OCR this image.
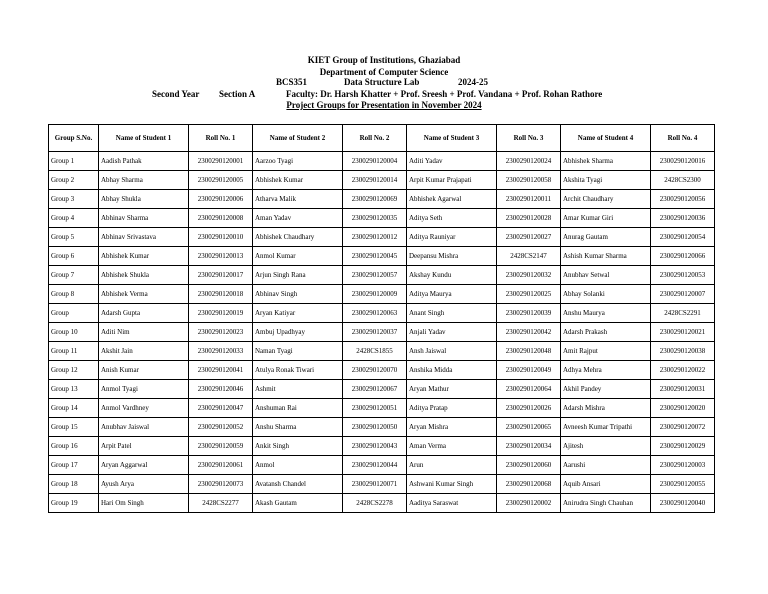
KIET Group of Institutions, Ghaziabad
Department of Computer Science
BCS351	Data Structure Lab	2024-25
Second Year Section A	Faculty: Dr. Harsh Khatter + Prof. Sreesh + Prof. Vandana + Prof. Rohan Rathore
Project Groups for Presentation in November 2024
Group S.No.	Name of Student 1	Roll No. 1	Name of Student 2	Roll No. 2	Name of Student 3	Roll No. 3	Name of Student 4	Roll No. 4
Group 1	Aadish Pathak	2300290120001	Aarzoo Tyagi	2300290120004	Aditi Yadav	2300290120024	Abhishek Sharma	2300290120016
Group 2	Abhay Sharma	2300290120005	Abhishek Kumar	2300290120014	Arpit Kumar Prajapati	2300290120058	Akshita Tyagi	2428CS2300
Group 3	Abhay Shukla	2300290120006	Atharva Malik	2300290120069	Abhishek Agarwal	2300290120011	Archit Chaudhary	2300290120056
Group 4	Abhinav Sharma	2300290120008	Aman Yadav	2300290120035	Aditya Seth	2300290120028	Amar Kumar Giri	2300290120036
Group 5	Abhinav Srivastava	2300290120010	Abhishek Chaudhary	2300290120012	Aditya Rauniyar	2300290120027	Anurag Gautam	2300290120054
Group 6	Abhishek Kumar	2300290120013	Anmol Kumar	2300290120045	Deepansu Mishra	2428CS2147	Ashish Kumar Sharma	2300290120066
Group 7	Abhishek Shukla	2300290120017	Arjun Singh Rana	2300290120057	Akshay Kundu	2300290120032	Anubhav Setwal	2300290120053
Group 8	Abhishek Verma	2300290120018	Abhinav Singh	2300290120009	Aditya Maurya	2300290120025	Abhay Solanki	2300290120007
Group	Adarsh Gupta	2300290120019	Aryan Katiyar	2300290120063	Anant Singh	2300290120039	Anshu Maurya	2428CS2291
Group 10	Aditi Nim	2300290120023	Ambuj Upadhyay	2300290120037	Anjali Yadav	2300290120042	Adarsh Prakash	2300290120021
Group 11	Akshit Jain	2300290120033	Naman Tyagi	2428CS1855	Ansh Jaiswal	2300290120048	Amit Rajput	2300290120038
Group 12	Anish Kumar	2300290120041	Atulya Ronak Tiwari	2300290120070	Anshika Midda	2300290120049	Adhya Mehra	2300290120022
Group 13	Anmol Tyagi	2300290120046	Ashmit	2300290120067	Aryan Mathur	2300290120064	Akhil Pandey	2300290120031
Group 14	Anmol Vardhney	2300290120047	Anshuman Rai	2300290120051	Aditya Pratap	2300290120026	Adarsh Mishra	2300290120020
Group 15	Anubhav Jaiswal	2300290120052	Anshu Sharma	2300290120050	Aryan Mishra	2300290120065	Avneesh Kumar Tripathi	2300290120072
Group 16	Arpit Patel	2300290120059	Ankit Singh	2300290120043	Aman Verma	2300290120034	Ajitesh	2300290120029
Group 17	Aryan Aggarwal	2300290120061	Anmol	2300290120044	Arun	2300290120060	Aarushi	2300290120003
Group 18	Ayush Arya	2300290120073	Avatansh Chandel	2300290120071	Ashwani Kumar Singh	2300290120068	Aquib Ansari	2300290120055
Group 19	Hari Om Singh	2428CS2277	Akash Gautam	2428CS2278	Aaditya Saraswat	2300290120002	Anirudra Singh Chauhan	2300290120040
